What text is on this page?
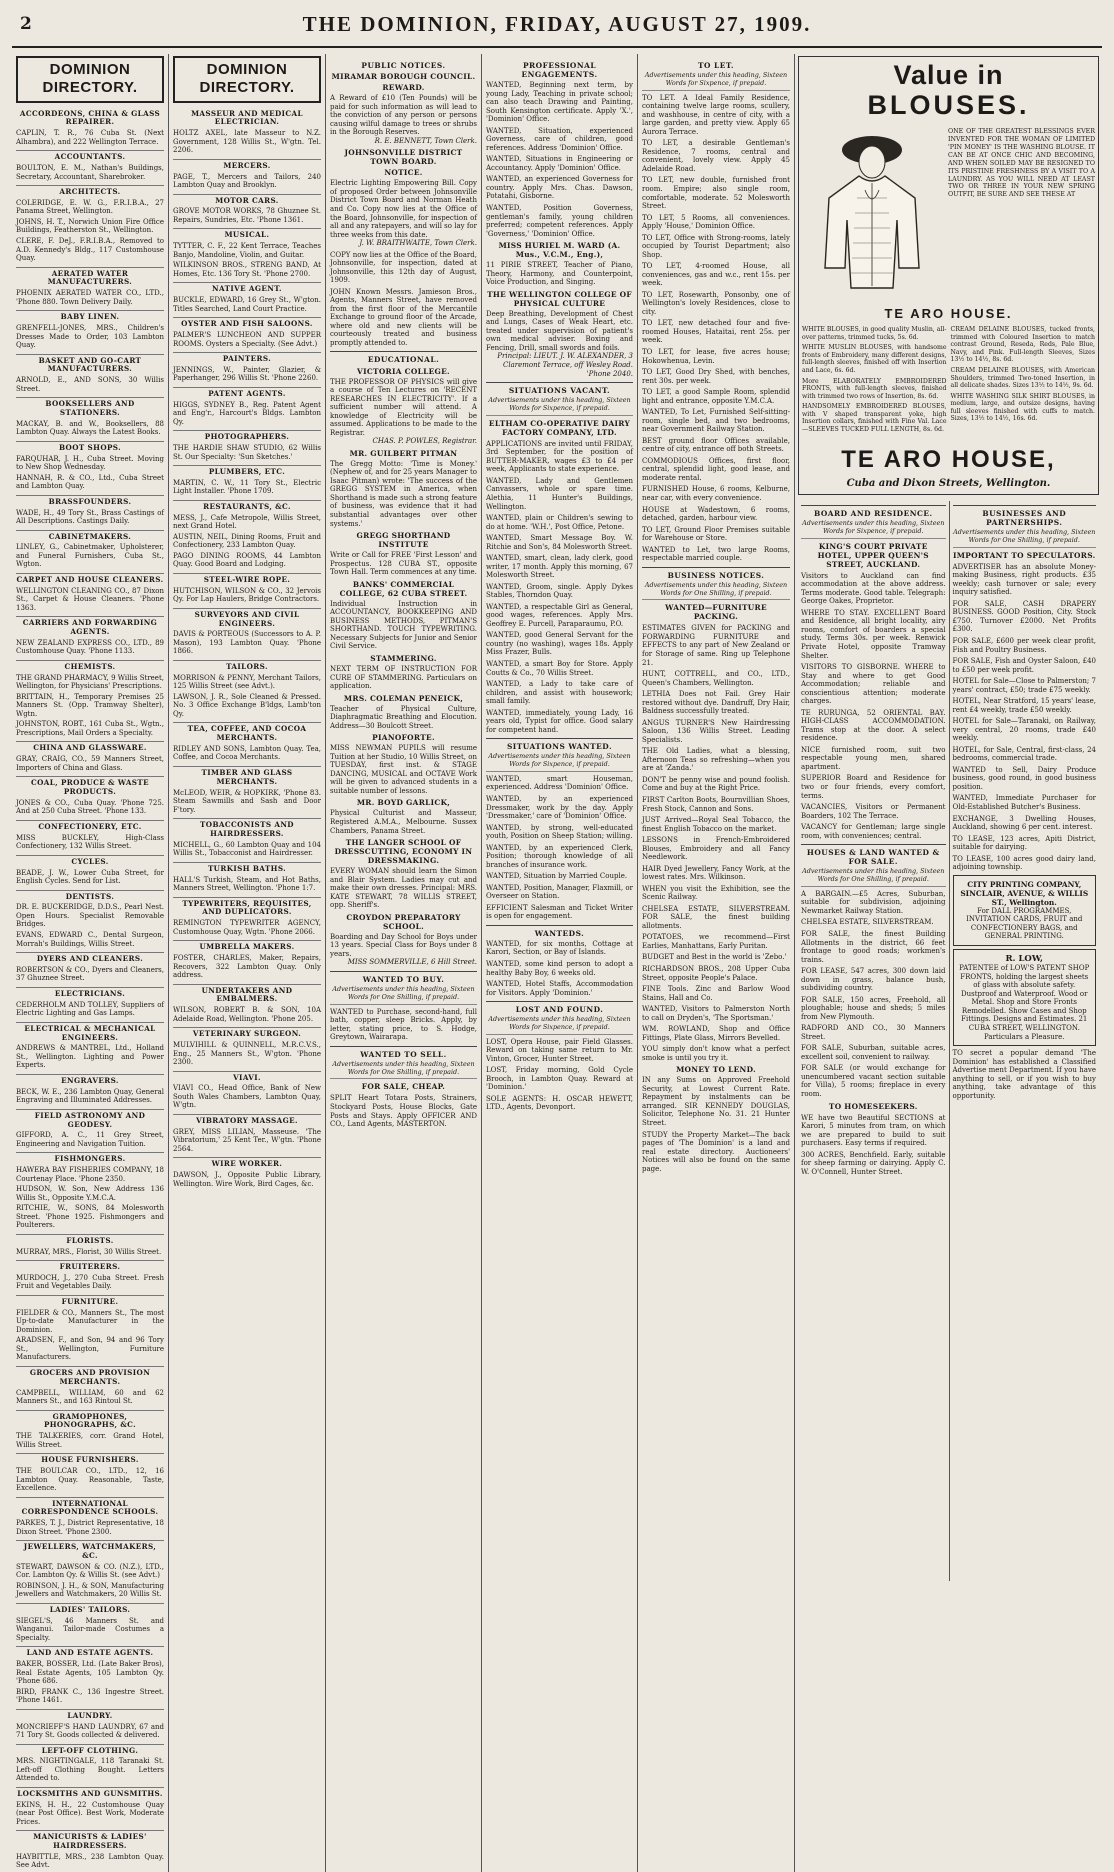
2	THE DOMINION, FRIDAY, AUGUST 27, 1909.
DOMINION DIRECTORY.
ACCORDEONS, CHINA & GLASS REPAIRER.
CAPLIN, T. R., 76 Cuba St. (Next Alhambra), and 222 Wellington Terrace.
ACCOUNTANTS.
BOULTON, E. M., Nathan's Buildings, Secretary, Accountant, Sharebroker.
ARCHITECTS.
COLERIDGE, E. W. G., F.R.I.B.A., 27 Panama Street, Wellington.
JOHNS, H. T., Norwich Union Fire Office Buildings, Featherston St., Wellington.
CLERE, F. DeJ., F.R.I.B.A., Removed to A.D. Kennedy's Bldg., 117 Customhouse Quay.
AERATED WATER MANUFACTURERS.
PHOENIX AERATED WATER CO., LTD., 'Phone 880. Town Delivery Daily.
BABY LINEN.
GRENFELL-JONES, MRS., Children's Dresses Made to Order, 103 Lambton Quay.
BASKET AND GO-CART MANUFACTURERS.
ARNOLD, E., AND SONS, 30 Willis Street.
BOOKSELLERS AND STATIONERS.
MACKAY, B. and W., Booksellers, 88 Lambton Quay. Always the Latest Books.
BOOT SHOPS.
FARQUHAR, J. H., Cuba Street. Moving to New Shop Wednesday.
HANNAH, R. & CO., Ltd., Cuba Street and Lambton Quay.
BRASSFOUNDERS.
WADE, H., 49 Tory St., Brass Castings of All Descriptions. Castings Daily.
CABINETMAKERS.
LINLEY, G., Cabinetmaker, Upholsterer, and Funeral Furnishers, Cuba St., Wgton.
CARPET AND HOUSE CLEANERS.
WELLINGTON CLEANING CO., 87 Dixon St., Carpet & House Cleaners. 'Phone 1363.
CARRIERS AND FORWARDING AGENTS.
NEW ZEALAND EXPRESS CO., LTD., 89 Customhouse Quay. 'Phone 1133.
CHEMISTS.
THE GRAND PHARMACY, 9 Willis Street, Wellington, for Physicians' Prescriptions.
BRITTAIN, H., Temporary Premises 25 Manners St. (Opp. Tramway Shelter), Wgtn.
JOHNSTON, ROBT., 161 Cuba St., Wgtn., Prescriptions, Mail Orders a Specialty.
CHINA AND GLASSWARE.
GRAY, CRAIG, CO., 59 Manners Street, Importers of China and Glass.
COAL, PRODUCE & WASTE PRODUCTS.
JONES & CO., Cuba Quay. 'Phone 725. And at 250 Cuba Street. 'Phone 133.
CONFECTIONERY, ETC.
MISS BUCKLEY, High-Class Confectionery, 132 Willis Street.
CYCLES.
BEADE, J. W., Lower Cuba Street, for English Cycles. Send for List.
DENTISTS.
DR. E. BUCKERIDGE, D.D.S., Pearl Nest. Open Hours. Specialist Removable Bridges.
EVANS, EDWARD C., Dental Surgeon, Morrah's Buildings, Willis Street.
DYERS AND CLEANERS.
ROBERTSON & CO., Dyers and Cleaners, 37 Ghuznee Street.
ELECTRICIANS.
CEDERHOLM AND TOLLEY, Suppliers of Electric Lighting and Gas Lamps.
ELECTRICAL & MECHANICAL ENGINEERS.
ANDREWS & MANTREL, Ltd., Holland St., Wellington. Lighting and Power Experts.
ENGRAVERS.
BECK, W. E., 236 Lambton Quay, General Engraving and Illuminated Addresses.
FIELD ASTRONOMY AND GEODESY.
GIFFORD, A. C., 11 Grey Street, Engineering and Navigation Tuition.
FISHMONGERS.
HAWERA BAY FISHERIES COMPANY, 18 Courtenay Place. 'Phone 2350.
HUDSON, W. Son, New Address 136 Willis St., Opposite Y.M.C.A.
RITCHIE, W., SONS, 84 Molesworth Street. 'Phone 1925. Fishmongers and Poulterers.
FLORISTS.
MURRAY, MRS., Florist, 30 Willis Street.
FRUITERERS.
MURDOCH, J., 270 Cuba Street. Fresh Fruit and Vegetables Daily.
FURNITURE.
FIELDER & CO., Manners St., The most Up-to-date Manufacturer in the Dominion.
ARADSEN, F., and Son, 94 and 96 Tory St., Wellington, Furniture Manufacturers.
GROCERS AND PROVISION MERCHANTS.
CAMPBELL, WILLIAM, 60 and 62 Manners St., and 163 Rintoul St.
GRAMOPHONES, PHONOGRAPHS, &C.
THE TALKERIES, corr. Grand Hotel, Willis Street.
HOUSE FURNISHERS.
THE BOULCAR CO., LTD., 12, 16 Lambton Quay. Reasonable, Taste, Excellence.
INTERNATIONAL CORRESPONDENCE SCHOOLS.
PARKES, T. J., District Representative, 18 Dixon Street. 'Phone 2300.
JEWELLERS, WATCHMAKERS, &C.
STEWART, DAWSON & CO. (N.Z.), LTD., Cor. Lambton Qy. & Willis St. (see Advt.)
ROBINSON, J. H., & SON, Manufacturing Jewellers and Watchmakers, 20 Willis St.
LADIES' TAILORS.
SIEGEL'S, 46 Manners St. and Wanganui. Tailor-made Costumes a Specialty.
LAND AND ESTATE AGENTS.
BAKER, BOSSER, Ltd. (Late Baker Bros), Real Estate Agents, 105 Lambton Qy. 'Phone 686.
BIRD, FRANK C., 136 Ingestre Street. 'Phone 1461.
LAUNDRY.
MONCRIEFF'S HAND LAUNDRY, 67 and 71 Tory St. Goods collected & delivered.
LEFT-OFF CLOTHING.
MRS. NIGHTINGALE, 118 Taranaki St. Left-off Clothing Bought. Letters Attended to.
LOCKSMITHS AND GUNSMITHS.
EKINS, H. H., 22 Customhouse Quay (near Post Office). Best Work, Moderate Prices.
MANICURISTS & LADIES' HAIRDRESSERS.
HAYBITTLE, MRS., 238 Lambton Quay. See Advt.
DOMINION DIRECTORY.
MASSEUR AND MEDICAL ELECTRICIAN.
HOLTZ AXEL, late Masseur to N.Z. Government, 128 Willis St., W'gtn. Tel. 2206.
MERCERS.
PAGE, T., Mercers and Tailors, 240 Lambton Quay and Brooklyn.
MOTOR CARS.
GROVE MOTOR WORKS, 78 Ghuznee St. Repairs, Sundries, Etc. 'Phone 1361.
MUSICAL.
TYTTER, C. F., 22 Kent Terrace, Teaches Banjo, Mandoline, Violin, and Guitar.
WILKINSON BROS., STRENG BAND, At Homes, Etc. 136 Tory St. 'Phone 2700.
NATIVE AGENT.
BUCKLE, EDWARD, 16 Grey St., W'gton. Titles Searched, Land Court Practice.
OYSTER AND FISH SALOONS.
PALMER'S LUNCHEON AND SUPPER ROOMS. Oysters a Specialty. (See Advt.)
PAINTERS.
JENNINGS, W., Painter, Glazier, & Paperhanger, 296 Willis St. 'Phone 2260.
PATENT AGENTS.
HIGGS, SYDNEY B., Reg. Patent Agent and Eng'r., Harcourt's Bldgs. Lambton Qy.
PHOTOGRAPHERS.
THE HARDIE SHAW STUDIO, 62 Willis St. Our Specialty: 'Sun Sketches.'
PLUMBERS, ETC.
MARTIN, C. W., 11 Tory St., Electric Light Installer. 'Phone 1709.
RESTAURANTS, &C.
MESS, J., Cafe Metropole, Willis Street, next Grand Hotel.
AUSTIN, NEIL, Dining Rooms, Fruit and Confectionery, 233 Lambton Quay.
PAGO DINING ROOMS, 44 Lambton Quay. Good Board and Lodging.
STEEL-WIRE ROPE.
HUTCHISON, WILSON & CO., 32 Jervois Qy. For Lap Haulers, Bridge Contractors.
SURVEYORS AND CIVIL ENGINEERS.
DAVIS & PORTEOUS (Successors to A. P. Mason), 193 Lambton Quay. 'Phone 1866.
TAILORS.
MORRISON & PENNY, Merchant Tailors, 125 Willis Street (see Advt.).
LAWSON, J. R., Sole Cleaned & Pressed. No. 3 Office Exchange B'ldgs, Lamb'ton Qy.
TEA, COFFEE, AND COCOA MERCHANTS.
RIDLEY AND SONS, Lambton Quay. Tea, Coffee, and Cocoa Merchants.
TIMBER AND GLASS MERCHANTS.
McLEOD, WEIR, & HOPKIRK, 'Phone 83. Steam Sawmills and Sash and Door F'tory.
TOBACCONISTS AND HAIRDRESSERS.
MICHELL, G., 60 Lambton Quay and 104 Willis St., Tobacconist and Hairdresser.
TURKISH BATHS.
HALL'S Turkish, Steam, and Hot Baths, Manners Street, Wellington. 'Phone 1:7.
TYPEWRITERS, REQUISITES, AND DUPLICATORS.
REMINGTON TYPEWRITER AGENCY, Customhouse Quay, Wgtn. 'Phone 2066.
UMBRELLA MAKERS.
FOSTER, CHARLES, Maker, Repairs, Recovers, 322 Lambton Quay. Only address.
UNDERTAKERS AND EMBALMERS.
WILSON, ROBERT B. & SON, 10A Adelaide Road, Wellington. 'Phone 205.
VETERINARY SURGEON.
MULVIHILL & QUINNELL, M.R.C.V.S., Eng., 25 Manners St., W'gton. 'Phone 2300.
VIAVI.
VIAVI CO., Head Office, Bank of New South Wales Chambers, Lambton Quay, W'gtn.
VIBRATORY MASSAGE.
GREY, MISS LILIAN, Masseuse. 'The Vibratorium,' 25 Kent Ter., W'gtn. 'Phone 2564.
WIRE WORKER.
DAWSON, J., Opposite Public Library, Wellington. Wire Work, Bird Cages, &c.
PUBLIC NOTICES.
MIRAMAR BOROUGH COUNCIL.
REWARD.
A Reward of £10 (Ten Pounds) will be paid for such information as will lead to the conviction of any person or persons causing wilful damage to trees or shrubs in the Borough Reserves.
R. E. BENNETT, Town Clerk.
JOHNSONVILLE DISTRICT TOWN BOARD.
NOTICE.
Electric Lighting Empowering Bill. Copy of proposed Order between Johnsonville District Town Board and Norman Heath and Co. Copy now lies at the Office of the Board, Johnsonville, for inspection of all and any ratepayers, and will so lay for three weeks from this date.
J. W. BRAITHWAITE, Town Clerk.
COPY now lies at the Office of the Board, Johnsonville, for inspection, dated at Johnsonville, this 12th day of August, 1909.
JOHN Known Messrs. Jamieson Bros., Agents, Manners Street, have removed from the first floor of the Mercantile Exchange to ground floor of the Arcade, where old and new clients will be courteously treated and business promptly attended to.
EDUCATIONAL.
VICTORIA COLLEGE.
THE PROFESSOR OF PHYSICS will give a course of Ten Lectures on 'RECENT RESEARCHES IN ELECTRICITY'. If a sufficient number will attend. A knowledge of Electricity will be assumed. Applications to be made to the Registrar.
CHAS. P. POWLES, Registrar.
MR. GUILBERT PITMAN
The Gregg Motto: 'Time is Money.' (Nephew of, and for 25 years Manager to Isaac Pitman) wrote: 'The success of the GREGG SYSTEM in America, when Shorthand is made such a strong feature of business, was evidence that it had substantial advantages over other systems.'
GREGG SHORTHAND INSTITUTE
Write or Call for FREE 'First Lesson' and Prospectus. 128 CUBA ST., opposite Town Hall. Term commences at any time.
BANKS' COMMERCIAL COLLEGE, 62 CUBA STREET.
Individual Instruction in ACCOUNTANCY, BOOKKEEPING AND BUSINESS METHODS, PITMAN'S SHORTHAND. TOUCH TYPEWRITING. Necessary Subjects for Junior and Senior Civil Service.
STAMMERING.
NEXT TERM OF INSTRUCTION FOR CURE OF STAMMERING. Particulars on application.
MRS. COLEMAN PENEICK,
Teacher of Physical Culture, Diaphragmatic Breathing and Elocution. Address—30 Boulcott Street.
PIANOFORTE.
MISS NEWMAN PUPILS will resume Tuition at her Studio, 10 Willis Street, on TUESDAY, first inst. & STAGE DANCING, MUSICAL and OCTAVE Work will be given to advanced students in a suitable number of lessons.
MR. BOYD GARLICK,
Physical Culturist and Masseur, Registered A.M.A., Melbourne. Sussex Chambers, Panama Street.
THE LANGER SCHOOL OF DRESSCUTTING, ECONOMY IN DRESSMAKING.
EVERY WOMAN should learn the Simon and Blair System. Ladies may cut and make their own dresses. Principal: MRS. KATE STEWART, 78 WILLIS STREET, opp. Sheriff's.
CROYDON PREPARATORY SCHOOL.
Boarding and Day School for Boys under 13 years. Special Class for Boys under 8 years.
MISS SOMMERVILLE, 6 Hill Street.
WANTED TO BUY.
Advertisements under this heading, Sixteen Words for One Shilling, if prepaid.
WANTED to Purchase, second-hand, full bath, copper, sleep Bricks. Apply, by letter, stating price, to S. Hodge, Greytown, Wairarapa.
WANTED TO SELL.
Advertisements under this heading, Sixteen Words for One Shilling, if prepaid.
FOR SALE, CHEAP.
SPLIT Heart Totara Posts, Strainers, Stockyard Posts, House Blocks, Gate Posts and Stays. Apply OFFICER AND CO., Land Agents, MASTERTON.
PROFESSIONAL ENGAGEMENTS.
WANTED, Beginning next term, by young Lady, Teaching in private school; can also teach Drawing and Painting, South Kensington certificate. Apply 'X.', 'Dominion' Office.
WANTED, Situation, experienced Governess, care of children, good references. Address 'Dominion' Office.
WANTED, Situations in Engineering or Accountancy. Apply 'Dominion' Office.
WANTED, an experienced Governess for country. Apply Mrs. Chas. Dawson, Potatahi, Gisborne.
WANTED, Position Governess, gentleman's family, young children preferred; competent references. Apply 'Governess,' 'Dominion' Office.
MISS HURIEL M. WARD (A. Mus., V.C.M., Eng.),
11 PIRIE STREET, Teacher of Piano, Theory, Harmony, and Counterpoint, Voice Production, and Singing.
THE WELLINGTON COLLEGE OF PHYSICAL CULTURE
Deep Breathing, Development of Chest and Lungs, Cases of Weak Heart, etc. treated under supervision of patient's own medical adviser. Boxing and Fencing, Drill, small swords and foils.
Principal: LIEUT. J. W. ALEXANDER, 3 Claremont Terrace, off Wesley Road. 'Phone 2040.
SITUATIONS VACANT.
Advertisements under this heading, Sixteen Words for Sixpence, if prepaid.
ELTHAM CO-OPERATIVE DAIRY FACTORY COMPANY, LTD.
APPLICATIONS are invited until FRIDAY, 3rd September, for the position of BUTTER-MAKER, wages £3 to £4 per week, Applicants to state experience.
WANTED, Lady and Gentlemen Canvassers, whole or spare time. Alethia, 11 Hunter's Buildings, Wellington.
WANTED, plain or Children's sewing to do at home. 'W.H.', Post Office, Petone.
WANTED, Smart Message Boy. W. Ritchie and Son's, 84 Molesworth Street.
WANTED, smart, clean, lady clerk, good writer, 17 month. Apply this morning, 67 Molesworth Street.
WANTED, Groom, single. Apply Dykes Stables, Thorndon Quay.
WANTED, a respectable Girl as General, good wages, references. Apply Mrs. Geoffrey E. Purcell, Paraparaumu, P.O.
WANTED, good General Servant for the country (no washing), wages 18s. Apply Miss Frazer, Bulls.
WANTED, a smart Boy for Store. Apply Coutts & Co., 70 Willis Street.
WANTED, a Lady to take care of children, and assist with housework; small family.
WANTED, immediately, young Lady, 16 years old, Typist for office. Good salary for competent hand.
SITUATIONS WANTED.
Advertisements under this heading, Sixteen Words for Sixpence, if prepaid.
WANTED, smart Houseman, experienced. Address 'Dominion' Office.
WANTED, by an experienced Dressmaker, work by the day. Apply 'Dressmaker,' care of 'Dominion' Office.
WANTED, by strong, well-educated youth, Position on Sheep Station; willing.
WANTED, by an experienced Clerk, Position; thorough knowledge of all branches of insurance work.
WANTED, Situation by Married Couple.
WANTED, Position, Manager, Flaxmill, or Overseer on Station.
EFFICIENT Salesman and Ticket Writer is open for engagement.
WANTEDS.
WANTED, for six months, Cottage at Karori, Section, or Bay of Islands.
WANTED, some kind person to adopt a healthy Baby Boy, 6 weeks old.
WANTED, Hotel Staffs, Accommodation for Visitors. Apply 'Dominion.'
LOST AND FOUND.
Advertisements under this heading, Sixteen Words for Sixpence, if prepaid.
LOST, Opera House, pair Field Glasses. Reward on taking same return to Mr. Vinton, Grocer, Hunter Street.
LOST, Friday morning, Gold Cycle Brooch, in Lambton Quay. Reward at 'Dominion.'
SOLE AGENTS: H. OSCAR HEWETT, LTD., Agents, Devonport.
TO LET.
Advertisements under this heading, Sixteen Words for Sixpence, if prepaid.
TO LET. A Ideal Family Residence, containing twelve large rooms, scullery, and washhouse, in centre of city, with a large garden, and pretty view. Apply 65 Aurora Terrace.
TO LET, a desirable Gentleman's Residence, 7 rooms, central and convenient, lovely view. Apply 45 Adelaide Road.
TO LET, new double, furnished front room. Empire; also single room, comfortable, moderate. 52 Molesworth Street.
TO LET, 5 Rooms, all conveniences. Apply 'House,' Dominion Office.
TO LET, Office with Strong-rooms, lately occupied by Tourist Department; also Shop.
TO LET, 4-roomed House, all conveniences, gas and w.c., rent 15s. per week.
TO LET, Rosewarth, Ponsonby, one of Wellington's lovely Residences, close to city.
TO LET, new detached four and five-roomed Houses, Hataitai, rent 25s. per week.
TO LET, for lease, five acres house; Hokowhenua, Levin.
TO LET, Good Dry Shed, with benches, rent 30s. per week.
TO LET, a good Sample Room, splendid light and entrance, opposite Y.M.C.A.
WANTED, To Let, Furnished Self-sitting-room, single bed, and two bedrooms, near Government Railway Station.
BEST ground floor Offices available, centre of city, entrance off both Streets.
COMMODIOUS Offices, first floor, central, splendid light, good lease, and moderate rental.
FURNISHED House, 6 rooms, Kelburne, near car, with every convenience.
HOUSE at Wadestown, 6 rooms, detached, garden, harbour view.
TO LET, Ground Floor Premises suitable for Warehouse or Store.
WANTED to Let, two large Rooms, respectable married couple.
BUSINESS NOTICES.
Advertisements under this heading, Sixteen Words for One Shilling, if prepaid.
WANTED—FURNITURE PACKING.
ESTIMATES GIVEN for PACKING and FORWARDING FURNITURE and EFFECTS to any part of New Zealand or for Storage of same. Ring up Telephone 21.
HUNT, COTTRELL, and CO., LTD., Queen's Chambers, Wellington.
LETHIA Does not Fail. Grey Hair restored without dye. Dandruff, Dry Hair, Baldness successfully treated.
ANGUS TURNER'S New Hairdressing Saloon, 136 Willis Street. Leading Specialists.
THE Old Ladies, what a blessing, Afternoon Teas so refreshing—when you are at 'Zanda.'
DON'T be penny wise and pound foolish. Come and buy at the Right Price.
FIRST Carlton Boots, Bournvillian Shoes, Fresh Stock, Cannon and Sons.
JUST Arrived—Royal Seal Tobacco, the finest English Tobacco on the market.
LESSONS in French-Embroidered Blouses, Embroidery and all Fancy Needlework.
HAIR Dyed Jewellery, Fancy Work, at the lowest rates. Mrs. Wilkinson.
WHEN you visit the Exhibition, see the Scenic Railway.
CHELSEA ESTATE, SILVERSTREAM. FOR SALE, the finest building allotments.
POTATOES, we recommend—First Earlies, Manhattans, Early Puritan.
BUDGET and Best in the world is 'Zebo.'
RICHARDSON BROS., 208 Upper Cuba Street, opposite People's Palace.
FINE Tools. Zinc and Barlow Wood Stains, Hall and Co.
WANTED, Visitors to Palmerston North to call on Dryden's, 'The Sportsman.'
WM. ROWLAND, Shop and Office Fittings, Plate Glass, Mirrors Bevelled.
YOU simply don't know what a perfect smoke is until you try it.
MONEY TO LEND.
IN any Sums on Approved Freehold Security, at Lowest Current Rate. Repayment by instalments can be arranged. SIR KENNEDY DOUGLAS, Solicitor, Telephone No. 31. 21 Hunter Street.
STUDY the Property Market—The back pages of 'The Dominion' is a land and real estate directory. Auctioneers' Notices will also be found on the same page.
Value in
BLOUSES.
ONE OF THE GREATEST BLESSINGS EVER INVENTED FOR THE WOMAN OF LIMITED 'PIN MONEY' IS THE WASHING BLOUSE. IT CAN BE AT ONCE CHIC AND BECOMING, AND WHEN SOILED MAY BE RESIGNED TO ITS PRISTINE FRESHNESS BY A VISIT TO A LAUNDRY. AS YOU WILL NEED AT LEAST TWO OR THREE IN YOUR NEW SPRING OUTFIT, BE SURE AND SEE THESE AT
TE ARO HOUSE.
WHITE BLOUSES, in good quality Muslin, all-over patterns, trimmed tucks, 5s. 6d.
WHITE MUSLIN BLOUSES, with handsome fronts of Embroidery, many different designs, full-length sleeves, finished off with Insertion and Lace, 6s. 6d.
More ELABORATELY EMBROIDERED FRONTS, with full-length sleeves, finished with trimmed two rows of Insertion, 8s. 6d.
HANDSOMELY EMBROIDERED BLOUSES, with V shaped transparent yoke, high Insertion collars, finished with Fine Val. Lace—SLEEVES TUCKED FULL LENGTH, 8s. 6d.
CREAM DELAINE BLOUSES, tucked fronts, trimmed with Coloured Insertion to match contrast Ground, Reseda, Reds, Pale Blue, Navy, and Pink. Full-length Sleeves, Sizes 13½ to 14½, 8s. 6d.
CREAM DELAINE BLOUSES, with American Shoulders, trimmed Two-toned Insertion, in all delicate shades. Sizes 13½ to 14½, 9s. 6d.
WHITE WASHING SILK SHIRT BLOUSES, in medium, large, and outsize designs, having full sleeves finished with cuffs to match. Sizes, 13½ to 14½, 16s. 6d.
TE ARO HOUSE,
Cuba and Dixon Streets, Wellington.
BOARD AND RESIDENCE.
Advertisements under this heading, Sixteen Words for Sixpence, if prepaid.
KING'S COURT PRIVATE HOTEL, UPPER QUEEN'S STREET, AUCKLAND.
Visitors to Auckland can find accommodation at the above address. Terms moderate. Good table. Telegraph: George Oakes, Proprietor.
WHERE TO STAY. EXCELLENT Board and Residence, all bright locality, airy rooms, comfort of boarders a special study. Terms 30s. per week. Renwick Private Hotel, opposite Tramway Shelter.
VISITORS TO GISBORNE. WHERE to Stay and where to get Good Accommodation; reliable and conscientious attention; moderate charges.
TE RURUNGA, 52 ORIENTAL BAY. HIGH-CLASS ACCOMMODATION. Trams stop at the door. A select residence.
NICE furnished room, suit two respectable young men, shared apartment.
SUPERIOR Board and Residence for two or four friends, every comfort, terms.
VACANCIES, Visitors or Permanent Boarders, 102 The Terrace.
VACANCY for Gentleman; large single room, with conveniences; central.
HOUSES & LAND WANTED & FOR SALE.
Advertisements under this heading, Sixteen Words for One Shilling, if prepaid.
A BARGAIN.—£5 Acres, Suburban, suitable for subdivision, adjoining Newmarket Railway Station.
CHELSEA ESTATE, SILVERSTREAM.
FOR SALE, the finest Building Allotments in the district, 66 feet frontage to good roads; workmen's trains.
FOR LEASE, 547 acres, 300 down laid down in grass, balance bush, subdividing country.
FOR SALE, 150 acres, Freehold, all ploughable; house and sheds; 5 miles from New Plymouth.
RADFORD AND CO., 30 Manners Street.
FOR SALE, Suburban, suitable acres, excellent soil, convenient to railway.
FOR SALE (or would exchange for unencumbered vacant section suitable for Villa), 5 rooms; fireplace in every room.
TO HOMESEEKERS.
WE have two Beautiful SECTIONS at Karori, 5 minutes from tram, on which we are prepared to build to suit purchasers. Easy terms if required.
300 ACRES, Benchfield. Early, suitable for sheep farming or dairying. Apply C. W. O'Connell, Hunter Street.
BUSINESSES AND PARTNERSHIPS.
Advertisements under this heading, Sixteen Words for One Shilling, if prepaid.
IMPORTANT TO SPECULATORS.
ADVERTISER has an absolute Money-making Business, right products. £35 weekly; cash turnover or sale; every inquiry satisfied.
FOR SALE, CASH DRAPERY BUSINESS. GOOD Position, City. Stock £750. Turnover £2000. Net Profits £300.
FOR SALE, £600 per week clear profit, Fish and Poultry Business.
FOR SALE, Fish and Oyster Saloon, £40 to £50 per week profit.
HOTEL for Sale—Close to Palmerston; 7 years' contract, £50; trade £75 weekly.
HOTEL, Near Stratford, 15 years' lease, rent £4 weekly, trade £50 weekly.
HOTEL for Sale—Taranaki, on Railway, very central, 20 rooms, trade £40 weekly.
HOTEL, for Sale, Central, first-class, 24 bedrooms, commercial trade.
WANTED to Sell, Dairy Produce business, good round, in good business position.
WANTED, Immediate Purchaser for Old-Established Butcher's Business.
EXCHANGE, 3 Dwelling Houses, Auckland, showing 6 per cent. interest.
TO LEASE, 123 acres, Apiti District, suitable for dairying.
TO LEASE, 100 acres good dairy land, adjoining township.
CITY PRINTING COMPANY, SINCLAIR, AVENUE, & WILLIS ST., Wellington.
For DALL PROGRAMMES, INVITATION CARDS, FRUIT and CONFECTIONERY BAGS, and GENERAL PRINTING.
R. LOW,
PATENTEE of LOW'S PATENT SHOP FRONTS, holding the largest sheets of glass with absolute safety. Dustproof and Waterproof. Wood or Metal. Shop and Store Fronts Remodelled. Show Cases and Shop Fittings. Designs and Estimates. 21 CUBA STREET, WELLINGTON. Particulars a Pleasure.
TO secret a popular demand 'The Dominion' has established a Classified Advertise ment Department. If you have anything to sell, or if you wish to buy anything, take advantage of this opportunity.
